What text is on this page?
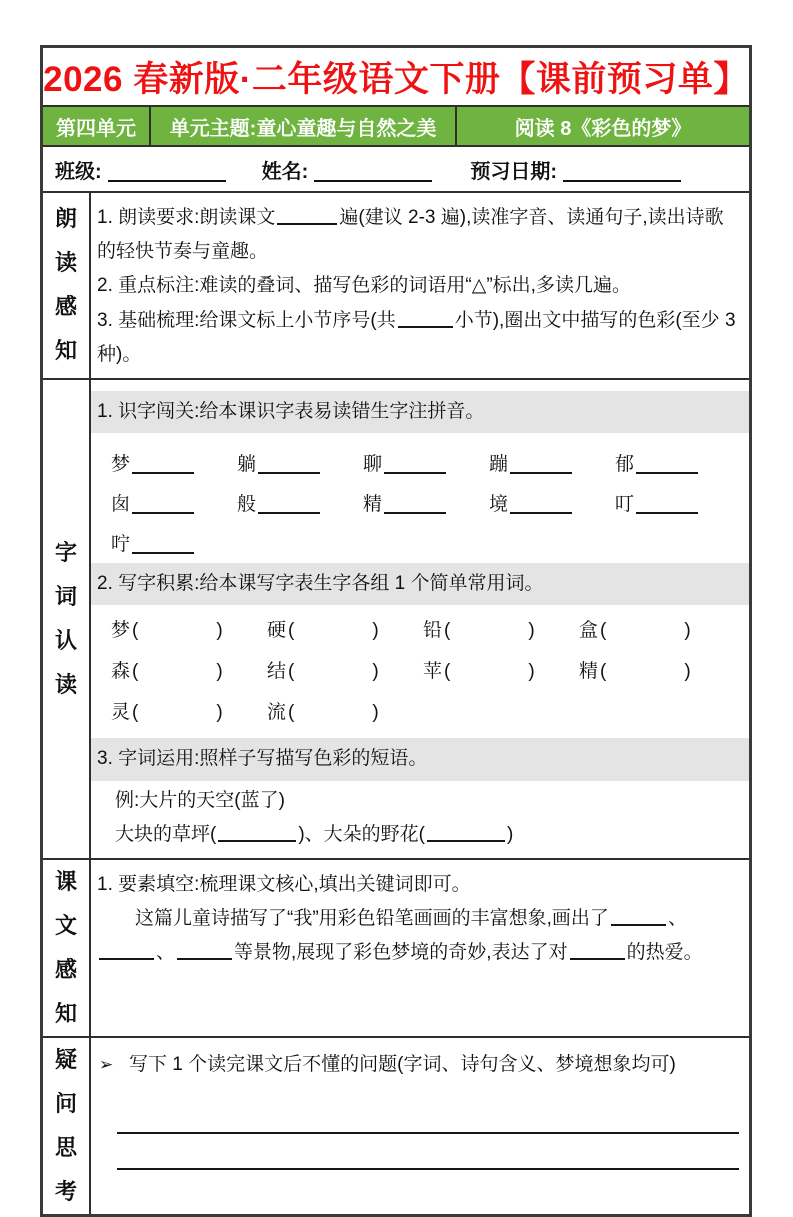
2026 春新版·二年级语文下册【课前预习单】
第四单元	单元主题:童心童趣与自然之美	阅读 8《彩色的梦》
班级:	姓名:	预习日期:
朗读感知
1. 朗读要求:朗读课文	遍(建议 2-3 遍),读准字音、读通句子,读出诗歌的轻快节奏与童趣。
2. 重点标注:难读的叠词、描写色彩的词语用“△”标出,多读几遍。
3. 基础梳理:给课文标上小节序号(共	小节),圈出文中描写的色彩(至少 3 种)。
字词认读
1. 识字闯关:给本课识字表易读错生字注拼音。
梦	躺	聊	蹦	郁
囱	般	精	境	叮
咛
2. 写字积累:给本课写字表生字各组 1 个简单常用词。
梦 (	) 硬 (	) 铅 (	) 盒 (	)
森 (	) 结 (	) 苹 (	) 精 (	)
灵 (	) 流 (	)
3. 字词运用:照样子写描写色彩的短语。
例:大片的天空(蓝了)
大块的草坪(	)、大朵的野花(	)
课文感知
1. 要素填空:梳理课文核心,填出关键词即可。
这篇儿童诗描写了“我”用彩色铅笔画画的丰富想象,画出了	、、	等景物,展现了彩色梦境的奇妙,表达了对	的热爱。
疑问思考
➢ 写下 1 个读完课文后不懂的问题(字词、诗句含义、梦境想象均可)
